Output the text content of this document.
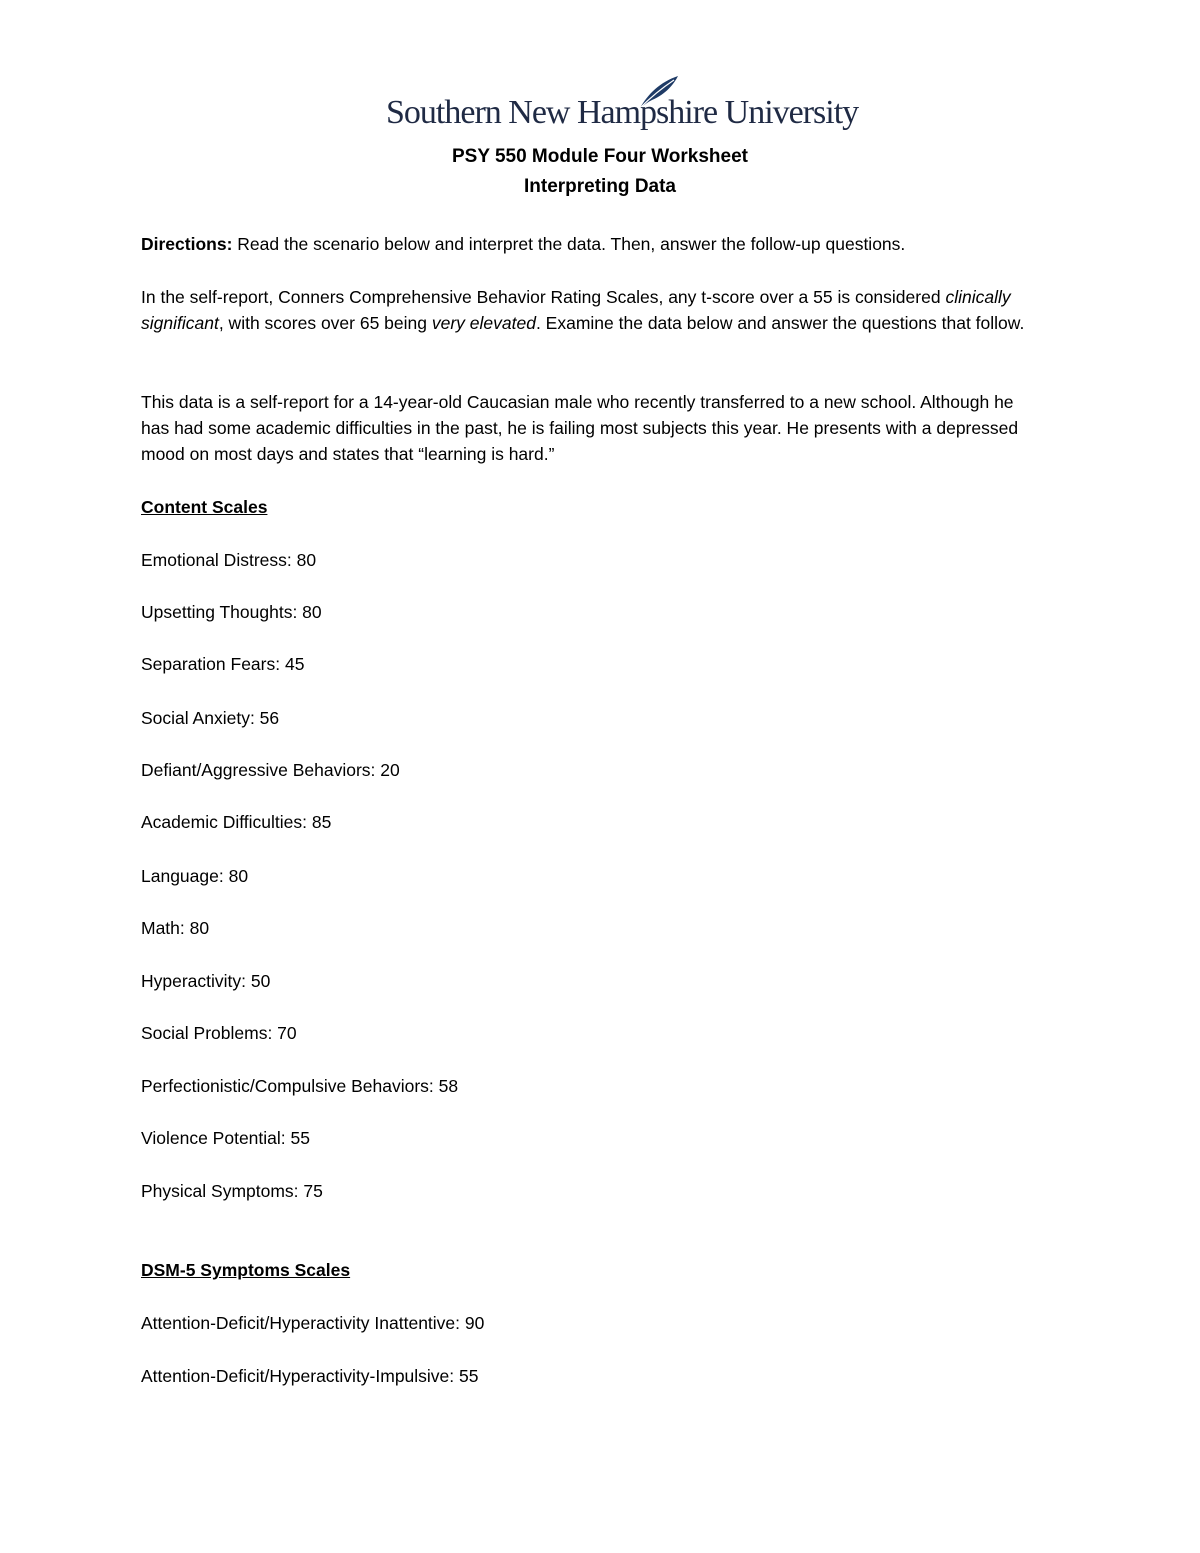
Southern New Hampshire University
PSY 550 Module Four Worksheet
Interpreting Data
Directions: Read the scenario below and interpret the data. Then, answer the follow-up questions.
In the self-report, Conners Comprehensive Behavior Rating Scales, any t-score over a 55 is considered clinically significant, with scores over 65 being very elevated. Examine the data below and answer the questions that follow.
This data is a self-report for a 14-year-old Caucasian male who recently transferred to a new school. Although he has had some academic difficulties in the past, he is failing most subjects this year. He presents with a depressed mood on most days and states that “learning is hard.”
Content Scales
Emotional Distress: 80
Upsetting Thoughts: 80
Separation Fears: 45
Social Anxiety: 56
Defiant/Aggressive Behaviors: 20
Academic Difficulties: 85
Language: 80
Math: 80
Hyperactivity: 50
Social Problems: 70
Perfectionistic/Compulsive Behaviors: 58
Violence Potential: 55
Physical Symptoms: 75
DSM-5 Symptoms Scales
Attention-Deficit/Hyperactivity Inattentive: 90
Attention-Deficit/Hyperactivity-Impulsive: 55
